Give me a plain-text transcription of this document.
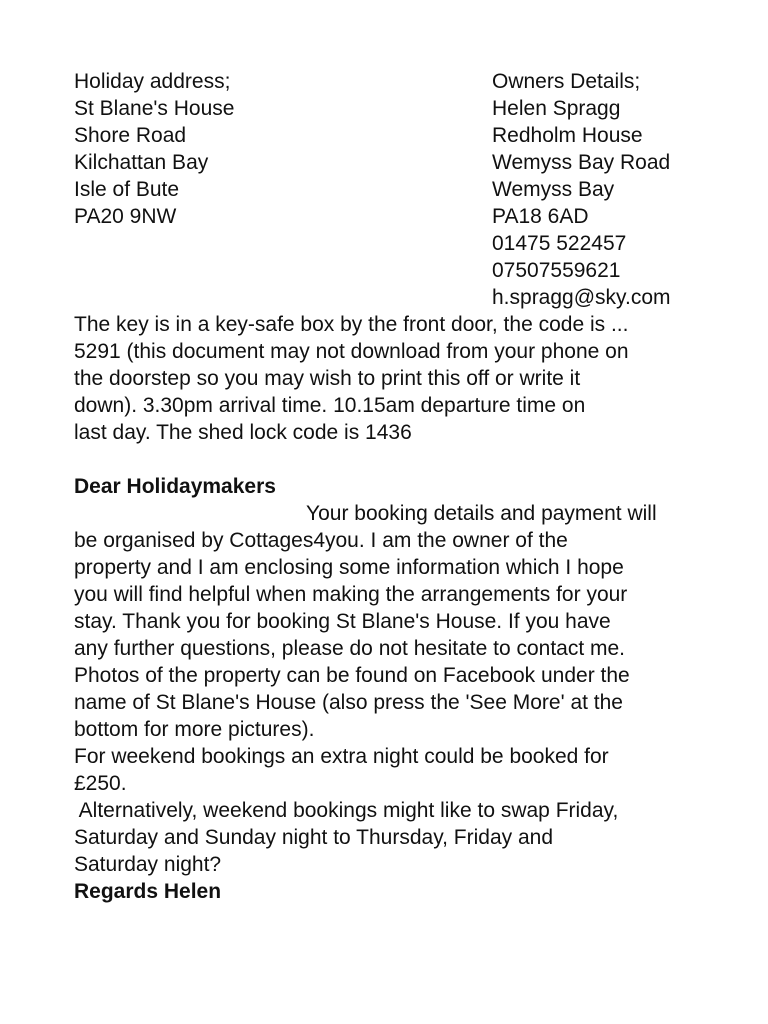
Holiday address;
St Blane's House
Shore Road
Kilchattan Bay
Isle of Bute
PA20 9NW
Owners Details;
Helen Spragg
Redholm House
Wemyss Bay Road
Wemyss Bay
PA18 6AD
01475 522457
07507559621
h.spragg@sky.com
The key is in a key-safe box by the front door, the code is ...
5291 (this document may not download from your phone on
the doorstep so you may wish to print this off or write it
down). 3.30pm arrival time. 10.15am departure time on
last day. The shed lock code is 1436
Dear Holidaymakers
Your booking details and payment will
be organised by Cottages4you. I am the owner of the
property and I am enclosing some information which I hope
you will find helpful when making the arrangements for your
stay. Thank you for booking St Blane's House. If you have
any further questions, please do not hesitate to contact me.
Photos of the property can be found on Facebook under the
name of St Blane's House (also press the 'See More' at the
bottom for more pictures).
For weekend bookings an extra night could be booked for
£250.
Alternatively, weekend bookings might like to swap Friday,
Saturday and Sunday night to Thursday, Friday and
Saturday night?
Regards Helen
